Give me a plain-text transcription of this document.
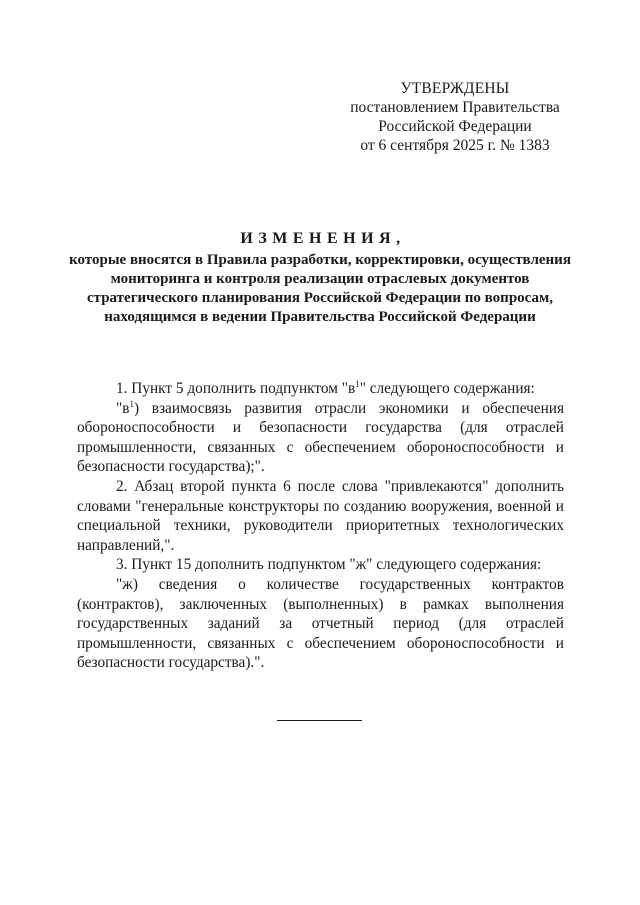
УТВЕРЖДЕНЫ
постановлением Правительства
Российской Федерации
от 6 сентября 2025 г. № 1383
ИЗМЕНЕНИЯ,
которые вносятся в Правила разработки, корректировки, осуществления мониторинга и контроля реализации отраслевых документов стратегического планирования Российской Федерации по вопросам, находящимся в ведении Правительства Российской Федерации

1. Пункт 5 дополнить подпунктом "$в^1$" следующего содержания:

"$в^1$) взаимосвязь развития отрасли экономики и обеспечения обороноспособности и безопасности государства (для отраслей промышленности, связанных с обеспечением обороноспособности и безопасности государства);".

2. Абзац второй пункта 6 после слова "привлекаются" дополнить словами "генеральные конструкторы по созданию вооружения, военной и специальной техники, руководители приоритетных технологических направлений,".

3. Пункт 15 дополнить подпунктом "ж" следующего содержания:

"ж) сведения о количестве государственных контрактов (контрактов), заключенных (выполненных) в рамках выполнения государственных заданий за отчетный период (для отраслей промышленности, связанных с обеспечением обороноспособности и безопасности государства).".
